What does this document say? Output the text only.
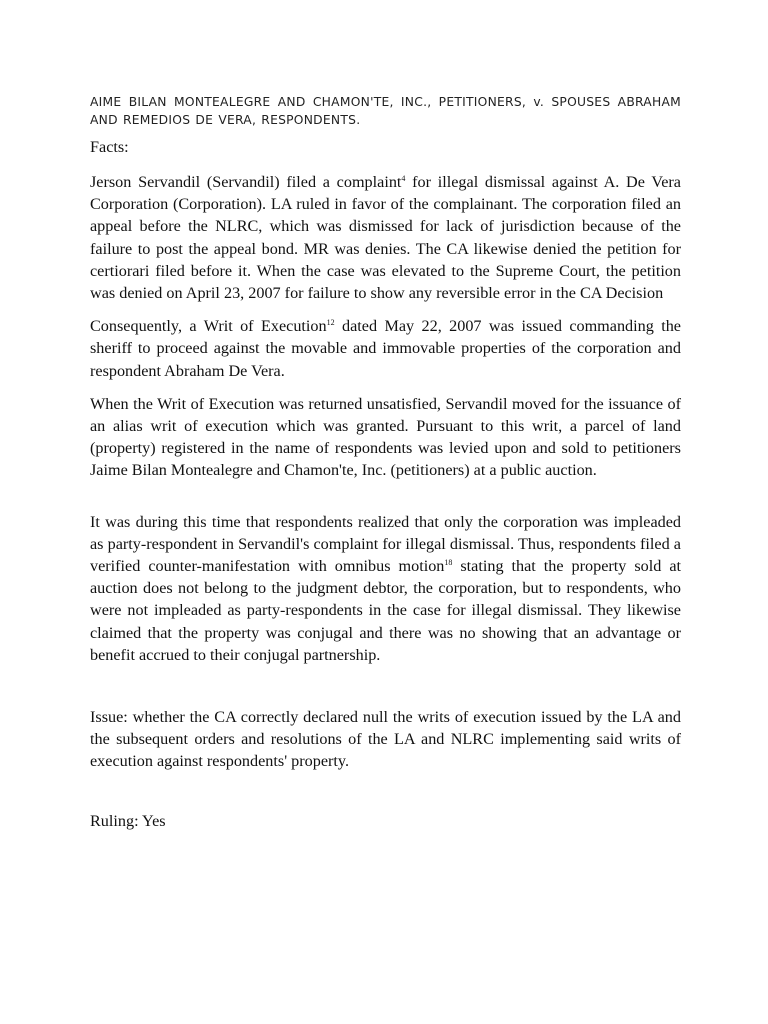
AIME BILAN MONTEALEGRE AND CHAMON'TE, INC., PETITIONERS, v. SPOUSES ABRAHAM AND REMEDIOS DE VERA, RESPONDENTS.

Facts:

Jerson Servandil (Servandil) filed a complaint$^4$ for illegal dismissal against A. De Vera Corporation (Corporation). LA ruled in favor of the complainant. The corporation filed an appeal before the NLRC, which was dismissed for lack of jurisdiction because of the failure to post the appeal bond. MR was denies. The CA likewise denied the petition for certiorari filed before it. When the case was elevated to the Supreme Court, the petition was denied on April 23, 2007 for failure to show any reversible error in the CA Decision

Consequently, a Writ of Execution$^{12}$ dated May 22, 2007 was issued commanding the sheriff to proceed against the movable and immovable properties of the corporation and respondent Abraham De Vera.

When the Writ of Execution was returned unsatisfied, Servandil moved for the issuance of an alias writ of execution which was granted. Pursuant to this writ, a parcel of land (property) registered in the name of respondents was levied upon and sold to petitioners Jaime Bilan Montealegre and Chamon'te, Inc. (petitioners) at a public auction.

It was during this time that respondents realized that only the corporation was impleaded as party-respondent in Servandil's complaint for illegal dismissal. Thus, respondents filed a verified counter-manifestation with omnibus motion$^{18}$ stating that the property sold at auction does not belong to the judgment debtor, the corporation, but to respondents, who were not impleaded as party-respondents in the case for illegal dismissal. They likewise claimed that the property was conjugal and there was no showing that an advantage or benefit accrued to their conjugal partnership.

Issue: whether the CA correctly declared null the writs of execution issued by the LA and the subsequent orders and resolutions of the LA and NLRC implementing said writs of execution against respondents' property.

Ruling: Yes
